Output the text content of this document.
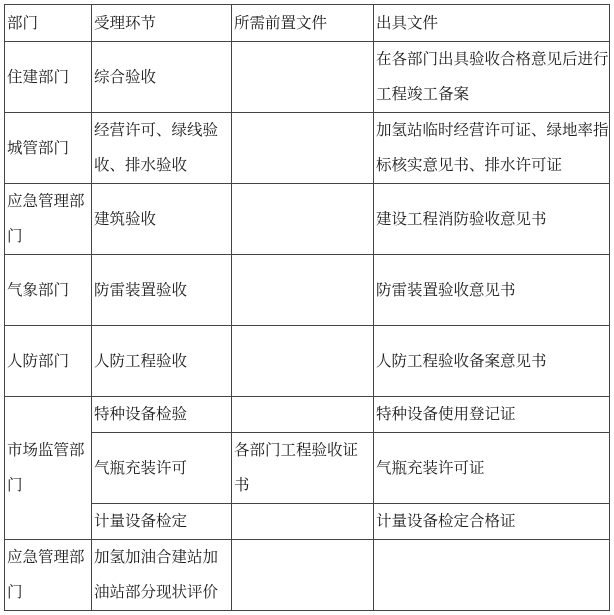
部门	受理环节	所需前置文件	出具文件
住建部门	综合验收		在各部门出具验收合格意见后进行工程竣工备案
城管部门	经营许可、绿线验收、排水验收		加氢站临时经营许可证、绿地率指标核实意见书、排水许可证
应急管理部门	建筑验收		建设工程消防验收意见书
气象部门	防雷装置验收		防雷装置验收意见书
人防部门	人防工程验收		人防工程验收备案意见书
市场监管部门	特种设备检验		特种设备使用登记证
	气瓶充装许可	各部门工程验收证书	气瓶充装许可证
	计量设备检定		计量设备检定合格证
应急管理部门	加氢加油合建站加油站部分现状评价		
